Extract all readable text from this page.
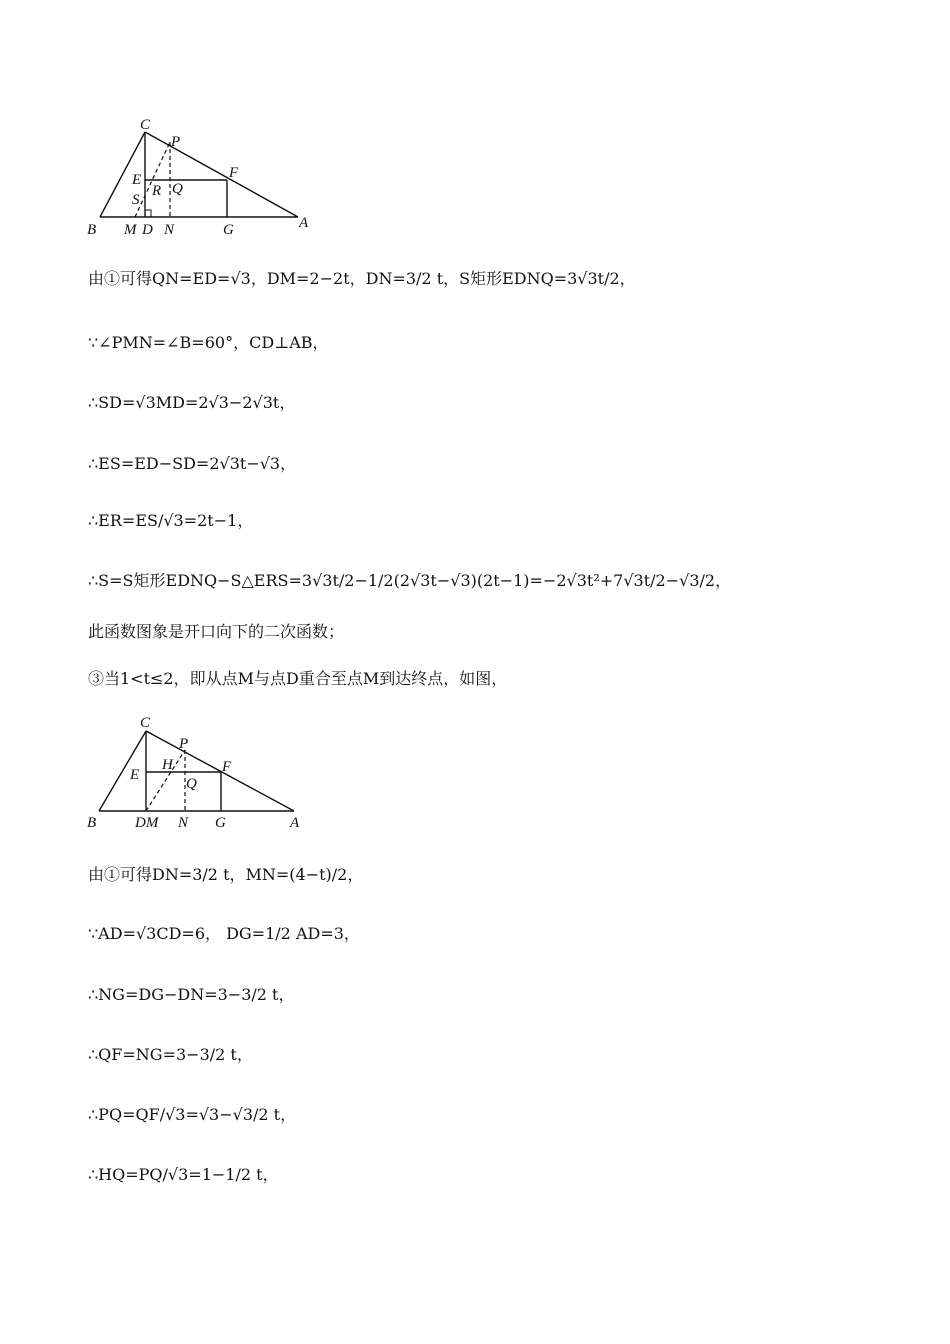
C
P
E	F
R Q
S
B M D N	G	A
由①可得QN=ED=√3，DM=2−2t，DN=3/2 t，S矩形EDNQ=3√3t/2，
∵∠PMN=∠B=60°，CD⊥AB，
∴SD=√3MD=2√3−2√3t，
∴ES=ED−SD=2√3t−√3，
∴ER=ES/√3=2t−1，
∴S=S矩形EDNQ−S△ERS=3√3t/2−1/2(2√3t−√3)(2t−1)=−2√3t²+7√3t/2−√3/2，
此函数图象是开口向下的二次函数；
③当1<t≤2，即从点M与点D重合至点M到达终点，如图，
C
P
E
H	F
Q
B	DM N G	A
由①可得DN=3/2 t，MN=(4−t)/2，
∵AD=√3CD=6， DG=1/2 AD=3，
∴NG=DG−DN=3−3/2 t，
∴QF=NG=3−3/2 t，
∴PQ=QF/√3=√3−√3/2 t，
∴HQ=PQ/√3=1−1/2 t，
